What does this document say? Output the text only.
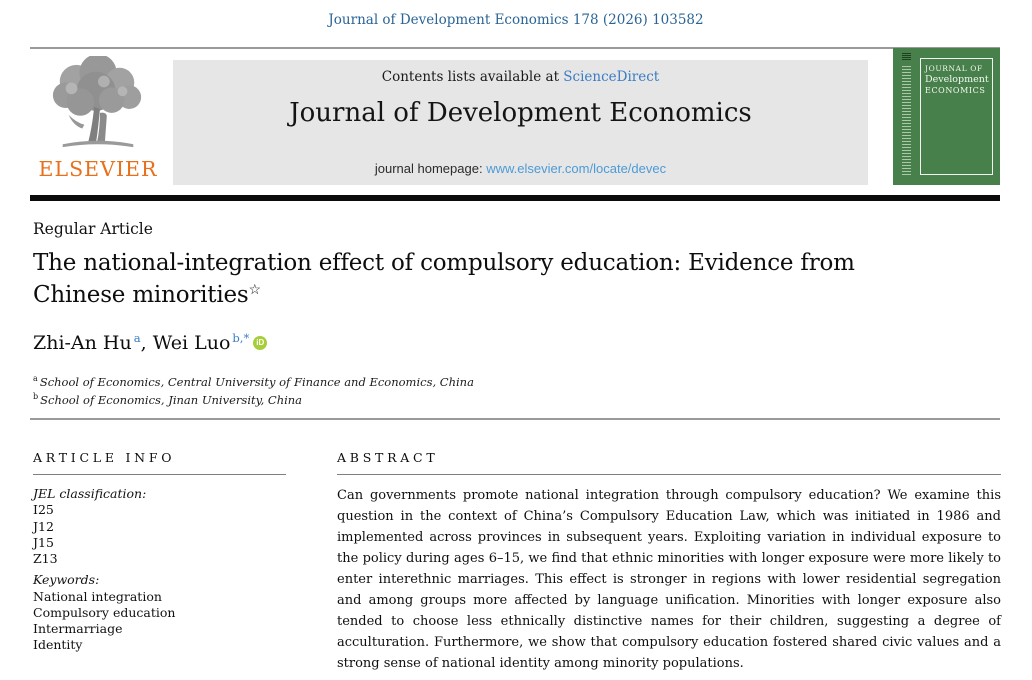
Journal of Development Economics 178 (2026) 103582
ELSEVIER
Contents lists available at ScienceDirect
Journal of Development Economics
journal homepage: www.elsevier.com/locate/devec
JOURNAL OF
Development
ECONOMICS
Regular Article
The national-integration effect of compulsory education: Evidence from Chinese minorities☆
Zhi-An Hu $^a$, Wei Luo $^{b,*}$ iD
$^a$ School of Economics, Central University of Finance and Economics, China
$^b$ School of Economics, Jinan University, China
ARTICLE INFO
JEL classification:
I25
J12
J15
Z13
Keywords:
National integration
Compulsory education
Intermarriage
Identity
ABSTRACT

Can governments promote national integration through compulsory education? We examine this question in the context of China’s Compulsory Education Law, which was initiated in 1986 and implemented across provinces in subsequent years. Exploiting variation in individual exposure to the policy during ages 6–15, we find that ethnic minorities with longer exposure were more likely to enter interethnic marriages. This effect is stronger in regions with lower residential segregation and among groups more affected by language unification. Minorities with longer exposure also tended to choose less ethnically distinctive names for their children, suggesting a degree of acculturation. Furthermore, we show that compulsory education fostered shared civic values and a strong sense of national identity among minority populations.
